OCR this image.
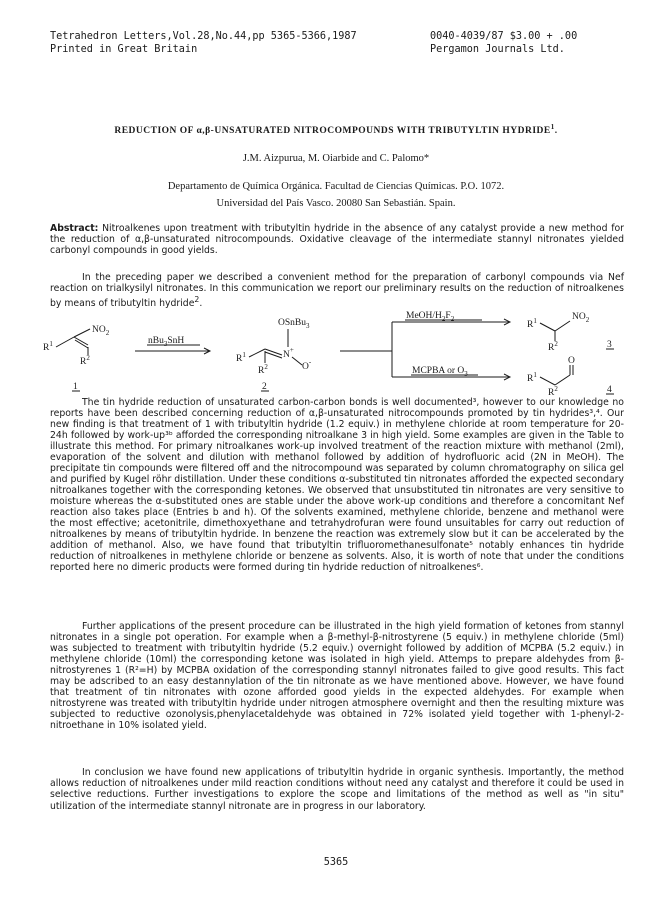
Tetrahedron Letters,Vol.28,No.44,pp 5365-5366,1987
Printed in Great Britain
0040-4039/87 $3.00 + .00
Pergamon Journals Ltd.
REDUCTION OF α,β-UNSATURATED NITROCOMPOUNDS WITH TRIBUTYLTIN HYDRIDE$^1$.
J.M. Aizpurua, M. Oiarbide and C. Palomo*
Departamento de Química Orgánica. Facultad de Ciencias Químicas. P.O. 1072.
Universidad del País Vasco. 20080 San Sebastián. Spain.
Abstract: Nitroalkenes upon treatment with tributyltin hydride in the absence of any catalyst provide a new method for the reduction of α,β-unsaturated nitrocompounds. Oxidative cleavage of the intermediate stannyl nitronates yielded carbonyl compounds in good yields.
In the preceding paper we described a convenient method for the preparation of carbonyl compounds via Nef reaction on trialkysilyl nitronates. In this communication we report our preliminary results on the reduction of nitroalkenes by means of tributyltin hydride$^2$.
$R^1$
$NO_2$
$R^2$
1
nBu$_3$SnH
$R^1$	N+
OSnBu$_3$
O-
$R^2$
2
MeOH/$H_2F_2$
MCPBA or $O_3$
$R^1$	$NO_2$
$R^2$	3
$R^1$
O
$R^2$	4
The tin hydride reduction of unsaturated carbon-carbon bonds is well documented³, however to our knowledge no reports have been described concerning reduction of α,β-unsaturated nitrocompounds promoted by tin hydrides³,⁴. Our new finding is that treatment of 1 with tributyltin hydride (1.2 equiv.) in methylene chloride at room temperature for 20-24h followed by work-up³ᵇ afforded the corresponding nitroalkane 3 in high yield. Some examples are given in the Table to illustrate this method. For primary nitroalkanes work-up involved treatment of the reaction mixture with methanol (2ml), evaporation of the solvent and dilution with methanol followed by addition of hydrofluoric acid (2N in MeOH). The precipitate tin compounds were filtered off and the nitrocompound was separated by column chromatography on silica gel and purified by Kugel röhr distillation. Under these conditions α-substituted tin nitronates afforded the expected secondary nitroalkanes together with the corresponding ketones. We observed that unsubstituted tin nitronates are very sensitive to moisture whereas the α-substituted ones are stable under the above work-up conditions and therefore a concomitant Nef reaction also takes place (Entries b and h). Of the solvents examined, methylene chloride, benzene and methanol were the most effective; acetonitrile, dimethoxyethane and tetrahydrofuran were found unsuitables for carry out reduction of nitroalkenes by means of tributyltin hydride. In benzene the reaction was extremely slow but it can be accelerated by the addition of methanol. Also, we have found that tributyltin trifluoromethanesulfonate⁵ notably enhances tin hydride reduction of nitroalkenes in methylene chloride or benzene as solvents. Also, it is worth of note that under the conditions reported here no dimeric products were formed during tin hydride reduction of nitroalkenes⁶.
Further applications of the present procedure can be illustrated in the high yield formation of ketones from stannyl nitronates in a single pot operation. For example when a β-methyl-β-nitrostyrene (5 equiv.) in methylene chloride (5ml) was subjected to treatment with tributyltin hydride (5.2 equiv.) overnight followed by addition of MCPBA (5.2 equiv.) in methylene chloride (10ml) the corresponding ketone was isolated in high yield. Attemps to prepare aldehydes from β-nitrostyrenes 1 (R²=H) by MCPBA oxidation of the corresponding stannyl nitronates failed to give good results. This fact may be adscribed to an easy destannylation of the tin nitronate as we have mentioned above. However, we have found that treatment of tin nitronates with ozone afforded good yields in the expected aldehydes. For example when nitrostyrene was treated with tributyltin hydride under nitrogen atmosphere overnight and then the resulting mixture was subjected to reductive ozonolysis,phenylacetaldehyde was obtained in 72% isolated yield together with 1-phenyl-2-nitroethane in 10% isolated yield.
In conclusion we have found new applications of tributyltin hydride in organic synthesis. Importantly, the method allows reduction of nitroalkenes under mild reaction conditions without need any catalyst and therefore it could be used in selective reductions. Further investigations to explore the scope and limitations of the method as well as "in situ" utilization of the intermediate stannyl nitronate are in progress in our laboratory.
5365
